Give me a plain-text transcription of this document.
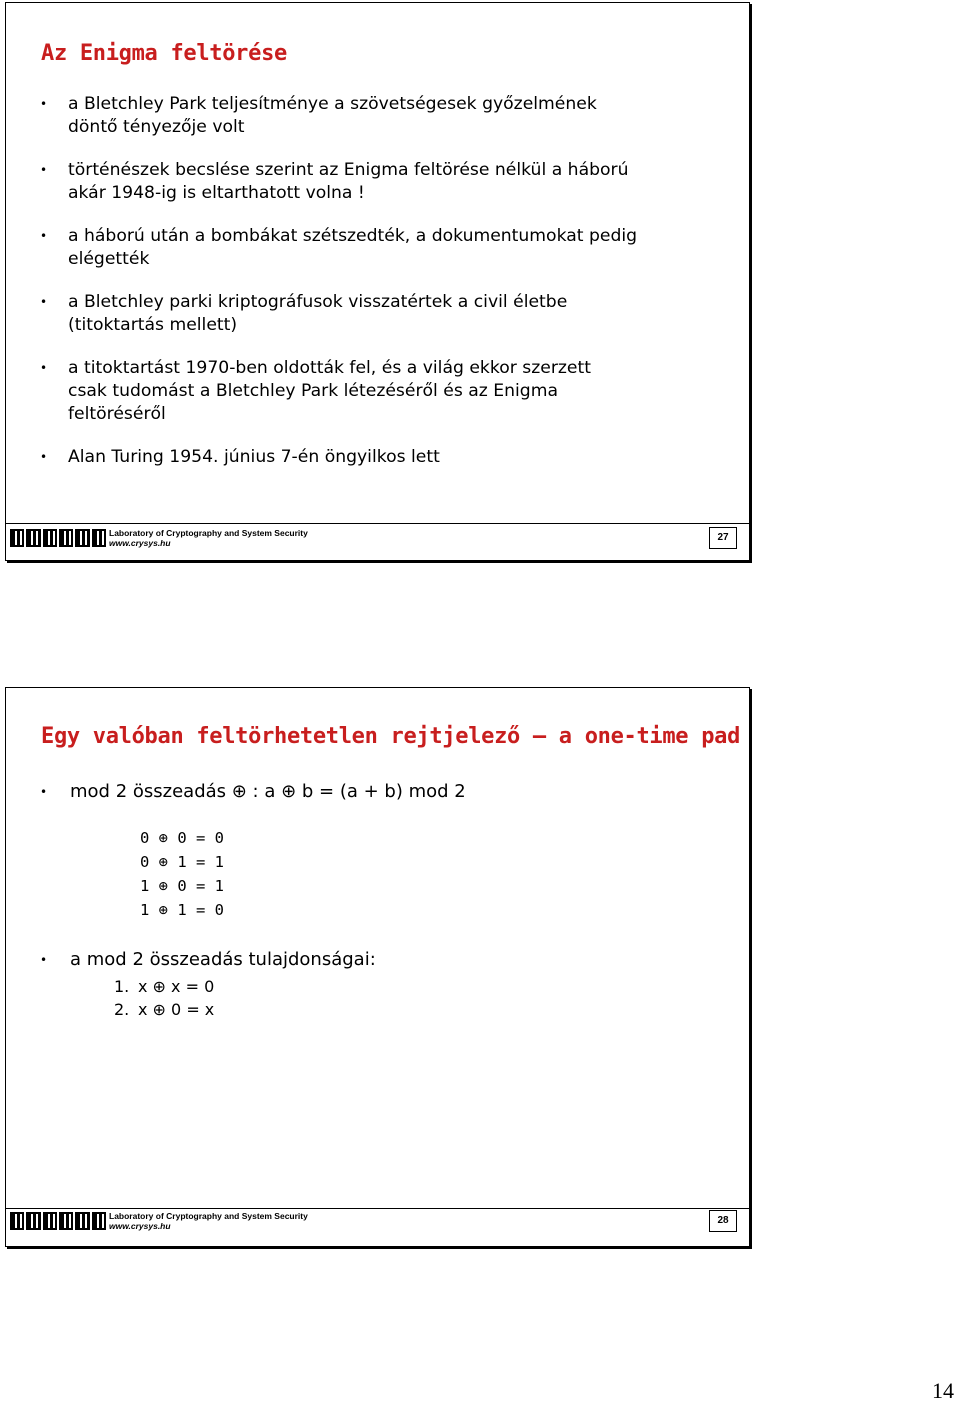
Az Enigma feltörése
• a Bletchley Park teljesítménye a szövetségesek győzelmének
döntő tényezője volt
• történészek becslése szerint az Enigma feltörése nélkül a háború
akár 1948-ig is eltarthatott volna !
• a háború után a bombákat szétszedték, a dokumentumokat pedig
elégették
• a Bletchley parki kriptográfusok visszatértek a civil életbe
(titoktartás mellett)
• a titoktartást 1970-ben oldották fel, és a világ ekkor szerzett
csak tudomást a Bletchley Park létezéséről és az Enigma
feltöréséről
• Alan Turing 1954. június 7-én öngyilkos lett
Laboratory of Cryptography and System Security
www.crysys.hu	27
Egy valóban feltörhetetlen rejtjelező – a one-time pad
• mod 2 összeadás ⊕ : a ⊕ b = (a + b) mod 2
0 ⊕ 0 = 0
0 ⊕ 1 = 1
1 ⊕ 0 = 1
1 ⊕ 1 = 0
• a mod 2 összeadás tulajdonságai:
1. x ⊕ x = 0
2. x ⊕ 0 = x
Laboratory of Cryptography and System Security
www.crysys.hu	28
14
